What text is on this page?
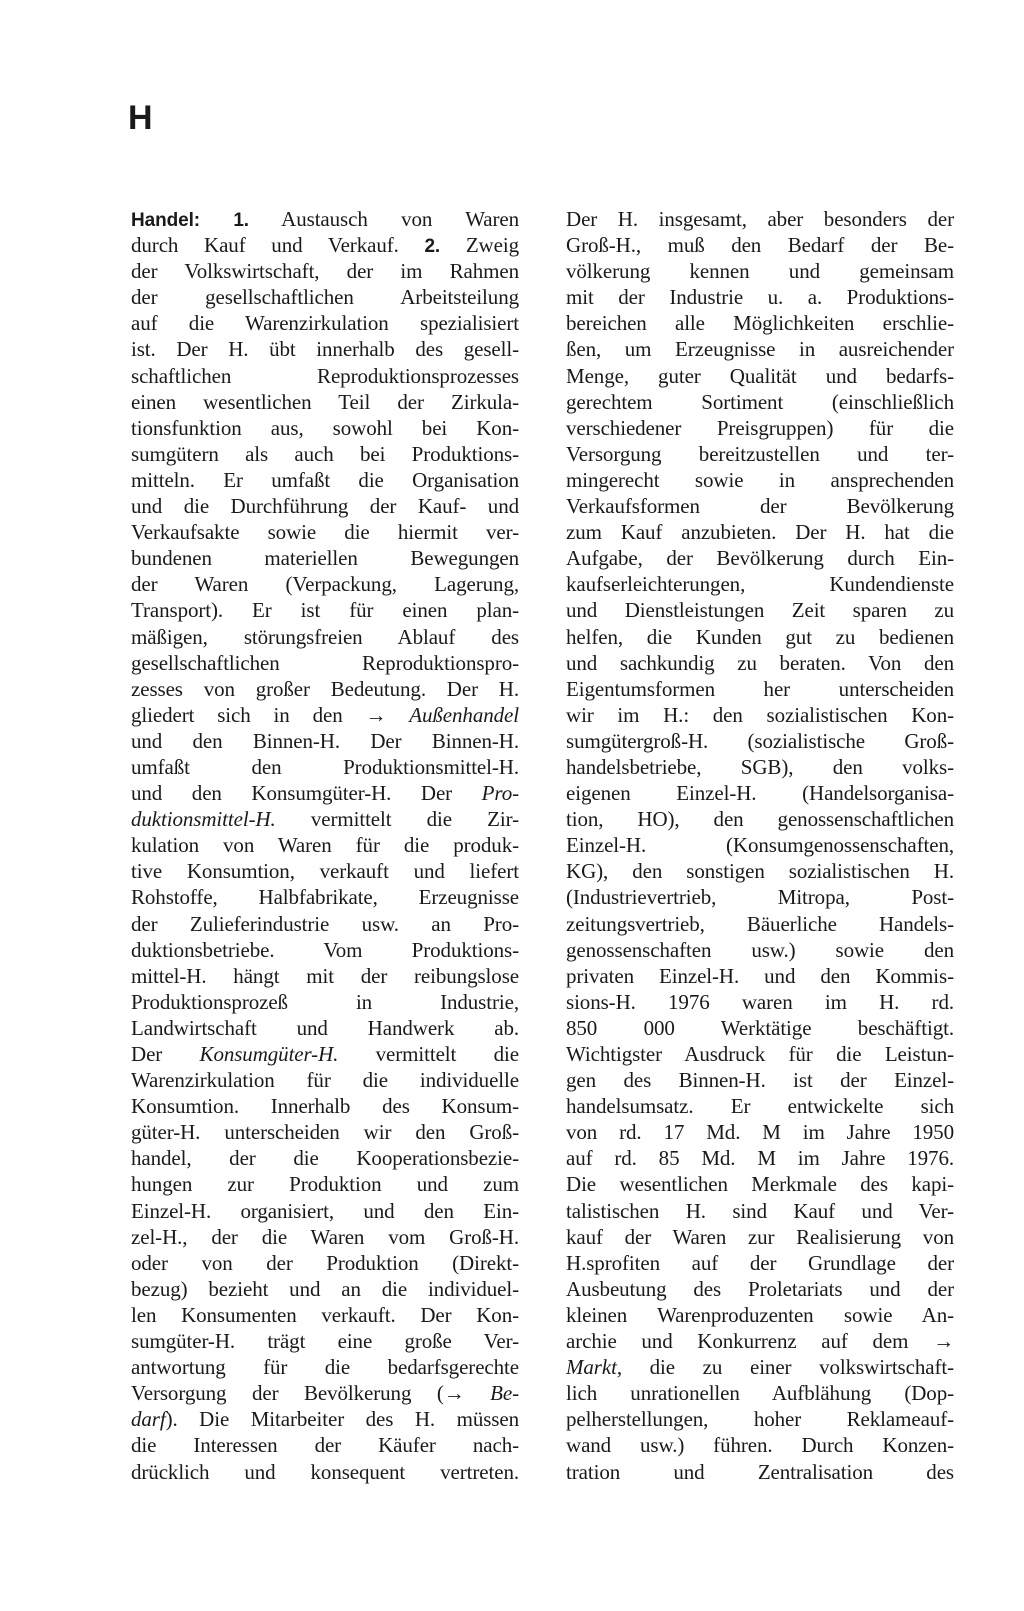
H
Handel: 1. Austausch von Waren
durch Kauf und Verkauf. 2. Zweig
der Volkswirtschaft, der im Rahmen
der gesellschaftlichen Arbeitsteilung
auf die Warenzirkulation spezialisiert
ist. Der H. übt innerhalb des gesell-
schaftlichen Reproduktionsprozesses
einen wesentlichen Teil der Zirkula-
tionsfunktion aus, sowohl bei Kon-
sumgütern als auch bei Produktions-
mitteln. Er umfaßt die Organisation
und die Durchführung der Kauf- und
Verkaufsakte sowie die hiermit ver-
bundenen materiellen Bewegungen
der Waren (Verpackung, Lagerung,
Transport). Er ist für einen plan-
mäßigen, störungsfreien Ablauf des
gesellschaftlichen Reproduktionspro-
zesses von großer Bedeutung. Der H.
gliedert sich in den → Außenhandel
und den Binnen-H. Der Binnen-H.
umfaßt den Produktionsmittel-H.
und den Konsumgüter-H. Der Pro-
duktionsmittel-H. vermittelt die Zir-
kulation von Waren für die produk-
tive Konsumtion, verkauft und liefert
Rohstoffe, Halbfabrikate, Erzeugnisse
der Zulieferindustrie usw. an Pro-
duktionsbetriebe. Vom Produktions-
mittel-H. hängt mit der reibungslose
Produktionsprozeß in Industrie,
Landwirtschaft und Handwerk ab.
Der Konsumgüter-H. vermittelt die
Warenzirkulation für die individuelle
Konsumtion. Innerhalb des Konsum-
güter-H. unterscheiden wir den Groß-
handel, der die Kooperationsbezie-
hungen zur Produktion und zum
Einzel-H. organisiert, und den Ein-
zel-H., der die Waren vom Groß-H.
oder von der Produktion (Direkt-
bezug) bezieht und an die individuel-
len Konsumenten verkauft. Der Kon-
sumgüter-H. trägt eine große Ver-
antwortung für die bedarfsgerechte
Versorgung der Bevölkerung (→ Be-
darf). Die Mitarbeiter des H. müssen
die Interessen der Käufer nach-
drücklich und konsequent vertreten.
Der H. insgesamt, aber besonders der
Groß-H., muß den Bedarf der Be-
völkerung kennen und gemeinsam
mit der Industrie u. a. Produktions-
bereichen alle Möglichkeiten erschlie-
ßen, um Erzeugnisse in ausreichender
Menge, guter Qualität und bedarfs-
gerechtem Sortiment (einschließlich
verschiedener Preisgruppen) für die
Versorgung bereitzustellen und ter-
mingerecht sowie in ansprechenden
Verkaufsformen der Bevölkerung
zum Kauf anzubieten. Der H. hat die
Aufgabe, der Bevölkerung durch Ein-
kaufserleichterungen, Kundendienste
und Dienstleistungen Zeit sparen zu
helfen, die Kunden gut zu bedienen
und sachkundig zu beraten. Von den
Eigentumsformen her unterscheiden
wir im H.: den sozialistischen Kon-
sumgütergroß-H. (sozialistische Groß-
handelsbetriebe, SGB), den volks-
eigenen Einzel-H. (Handelsorganisa-
tion, HO), den genossenschaftlichen
Einzel-H. (Konsumgenossenschaften,
KG), den sonstigen sozialistischen H.
(Industrievertrieb, Mitropa, Post-
zeitungsvertrieb, Bäuerliche Handels-
genossenschaften usw.) sowie den
privaten Einzel-H. und den Kommis-
sions-H. 1976 waren im H. rd.
850 000 Werktätige beschäftigt.
Wichtigster Ausdruck für die Leistun-
gen des Binnen-H. ist der Einzel-
handelsumsatz. Er entwickelte sich
von rd. 17 Md. M im Jahre 1950
auf rd. 85 Md. M im Jahre 1976.
Die wesentlichen Merkmale des kapi-
talistischen H. sind Kauf und Ver-
kauf der Waren zur Realisierung von
H.sprofiten auf der Grundlage der
Ausbeutung des Proletariats und der
kleinen Warenproduzenten sowie An-
archie und Konkurrenz auf dem →
Markt, die zu einer volkswirtschaft-
lich unrationellen Aufblähung (Dop-
pelherstellungen, hoher Reklameauf-
wand usw.) führen. Durch Konzen-
tration und Zentralisation des
